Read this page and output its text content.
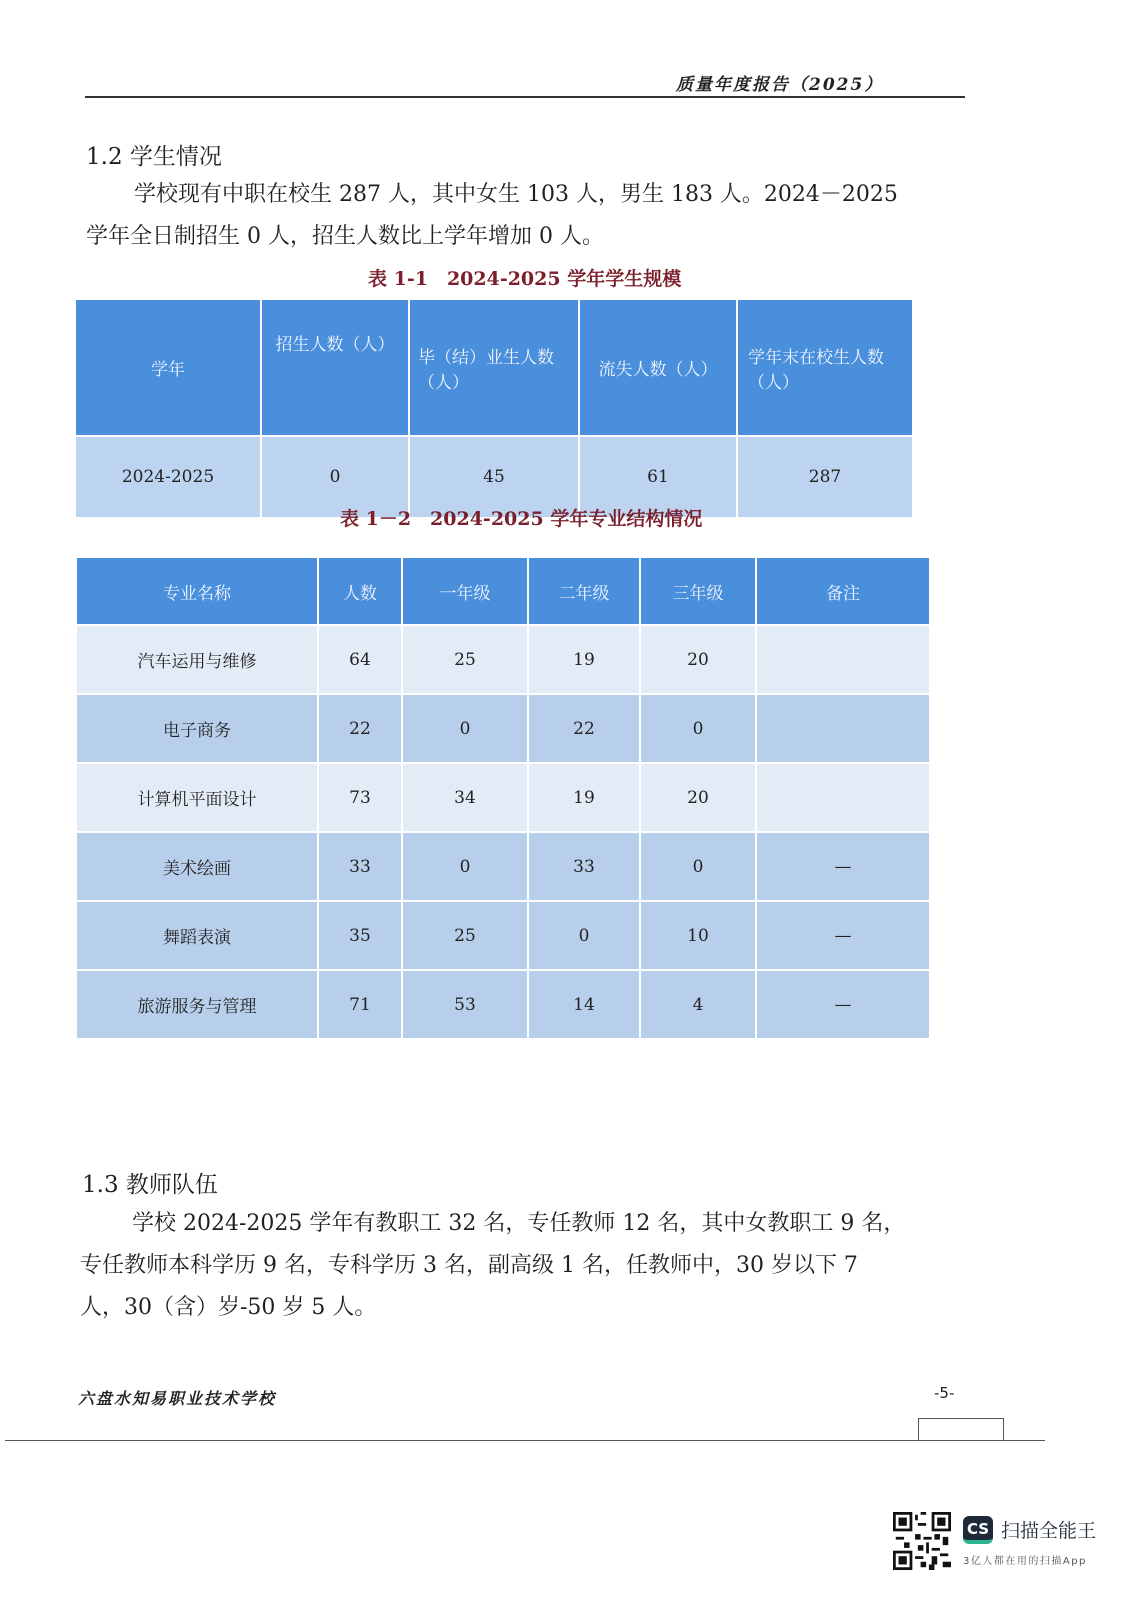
质量年度报告（2025）
1.2 学生情况
学校现有中职在校生 287 人，其中女生 103 人，男生 183 人。2024－2025
学年全日制招生 0 人，招生人数比上学年增加 0 人。
表 1-1　2024-2025 学年学生规模
学年	招生人数（人）	毕（结）业生人数（人）	流失人数（人）	学年末在校生人数（人）
2024-2025	0	45	61	287
表 1－2　2024-2025 学年专业结构情况
专业名称	人数	一年级	二年级	三年级	备注
汽车运用与维修	64	25	19	20	
电子商务	22	0	22	0	
计算机平面设计	73	34	19	20	
美术绘画	33	0	33	0	—
舞蹈表演	35	25	0	10	—
旅游服务与管理	71	53	14	4	—
1.3 教师队伍
学校 2024-2025 学年有教职工 32 名，专任教师 12 名，其中女教职工 9 名，
专任教师本科学历 9 名，专科学历 3 名，副高级 1 名，任教师中，30 岁以下 7
人，30（含）岁-50 岁 5 人。
六盘水知易职业技术学校	-5-
CS 扫描全能王
3亿人都在用的扫描App
